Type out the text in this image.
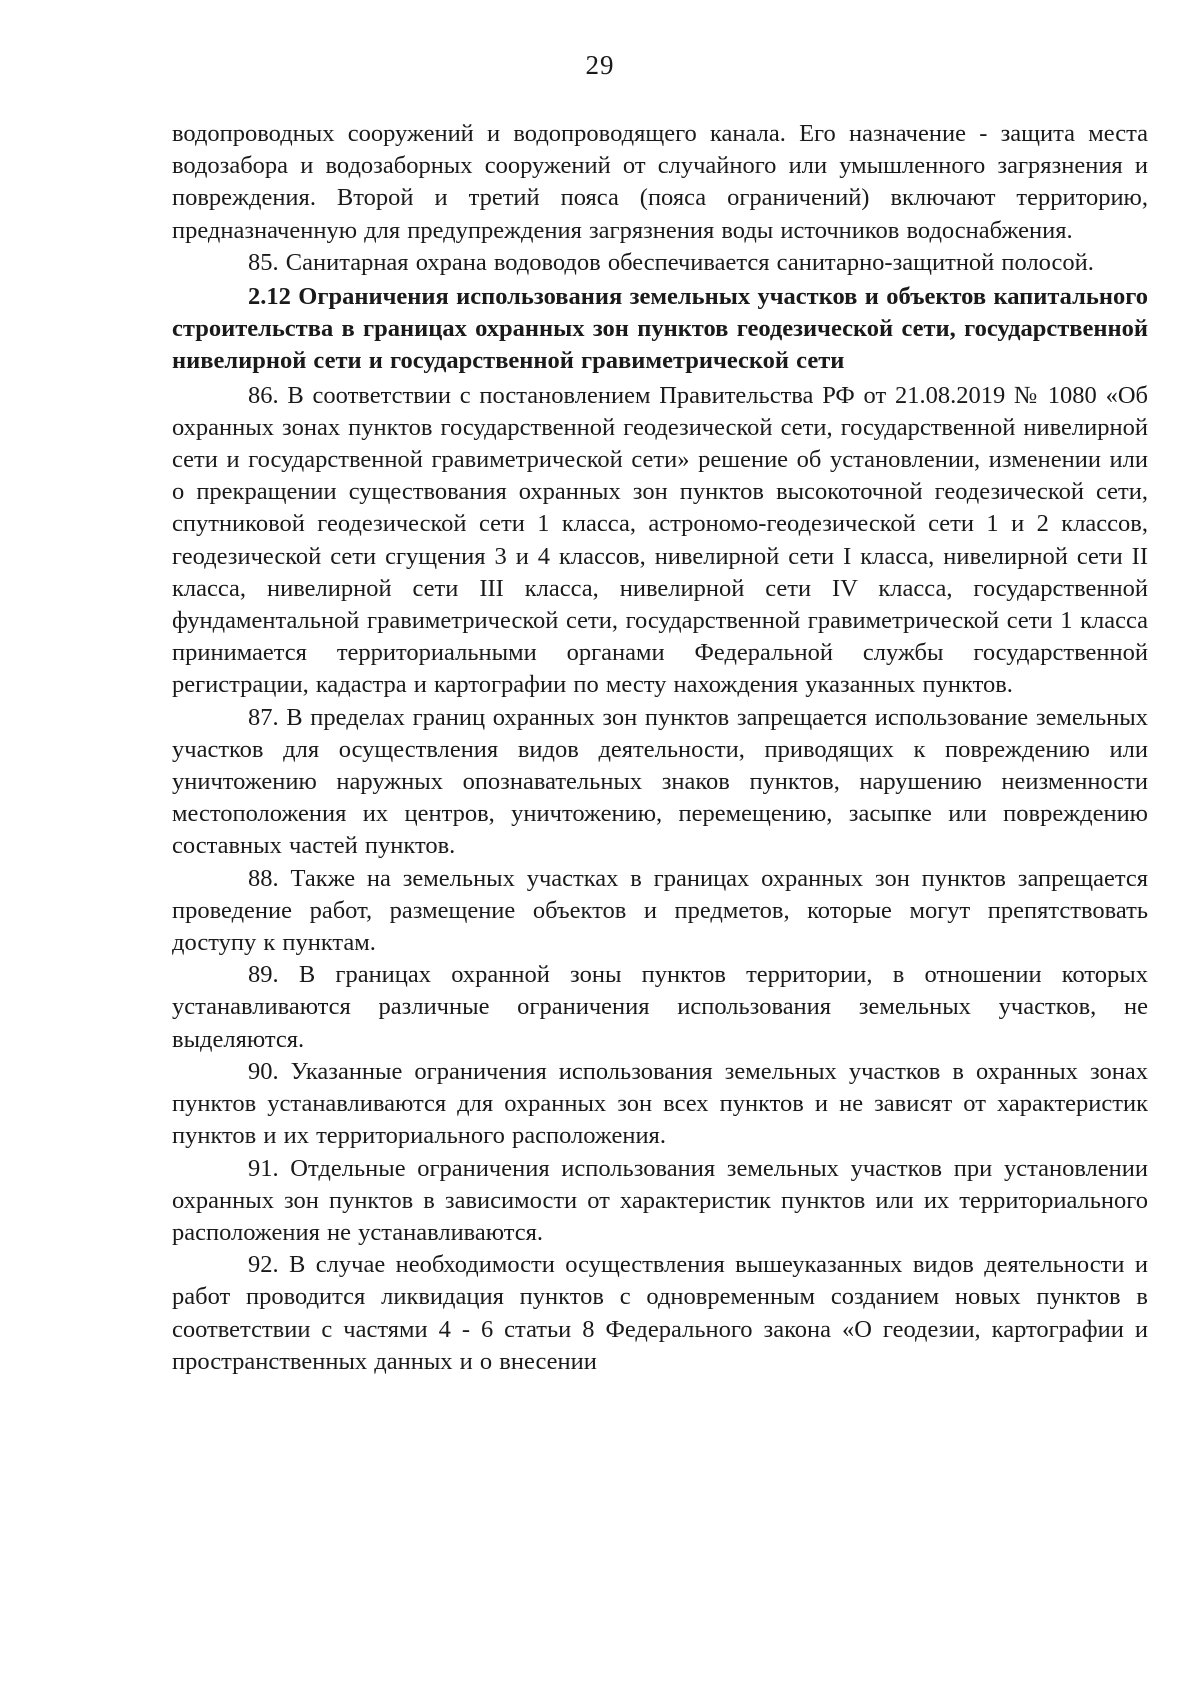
29

водопроводных сооружений и водопроводящего канала. Его назначение - защита места водозабора и водозаборных сооружений от случайного или умышленного загрязнения и повреждения. Второй и третий пояса (пояса ограничений) включают территорию, предназначенную для предупреждения загрязнения воды источников водоснабжения.

85. Санитарная охрана водоводов обеспечивается санитарно-защитной полосой.

2.12 Ограничения использования земельных участков и объектов капитального строительства в границах охранных зон пунктов геодезической сети, государственной нивелирной сети и государственной гравиметрической сети

86. В соответствии с постановлением Правительства РФ от 21.08.2019 № 1080 «Об охранных зонах пунктов государственной геодезической сети, государственной нивелирной сети и государственной гравиметрической сети» решение об установлении, изменении или о прекращении существования охранных зон пунктов высокоточной геодезической сети, спутниковой геодезической сети 1 класса, астрономо-геодезической сети 1 и 2 классов, геодезической сети сгущения 3 и 4 классов, нивелирной сети I класса, нивелирной сети II класса, нивелирной сети III класса, нивелирной сети IV класса, государственной фундаментальной гравиметрической сети, государственной гравиметрической сети 1 класса принимается территориальными органами Федеральной службы государственной регистрации, кадастра и картографии по месту нахождения указанных пунктов.

87. В пределах границ охранных зон пунктов запрещается использование земельных участков для осуществления видов деятельности, приводящих к повреждению или уничтожению наружных опознавательных знаков пунктов, нарушению неизменности местоположения их центров, уничтожению, перемещению, засыпке или повреждению составных частей пунктов.

88. Также на земельных участках в границах охранных зон пунктов запрещается проведение работ, размещение объектов и предметов, которые могут препятствовать доступу к пунктам.

89. В границах охранной зоны пунктов территории, в отношении которых устанавливаются различные ограничения использования земельных участков, не выделяются.

90. Указанные ограничения использования земельных участков в охранных зонах пунктов устанавливаются для охранных зон всех пунктов и не зависят от характеристик пунктов и их территориального расположения.

91. Отдельные ограничения использования земельных участков при установлении охранных зон пунктов в зависимости от характеристик пунктов или их территориального расположения не устанавливаются.

92. В случае необходимости осуществления вышеуказанных видов деятельности и работ проводится ликвидация пунктов с одновременным созданием новых пунктов в соответствии с частями 4 - 6 статьи 8 Федерального закона «О геодезии, картографии и пространственных данных и о внесении
